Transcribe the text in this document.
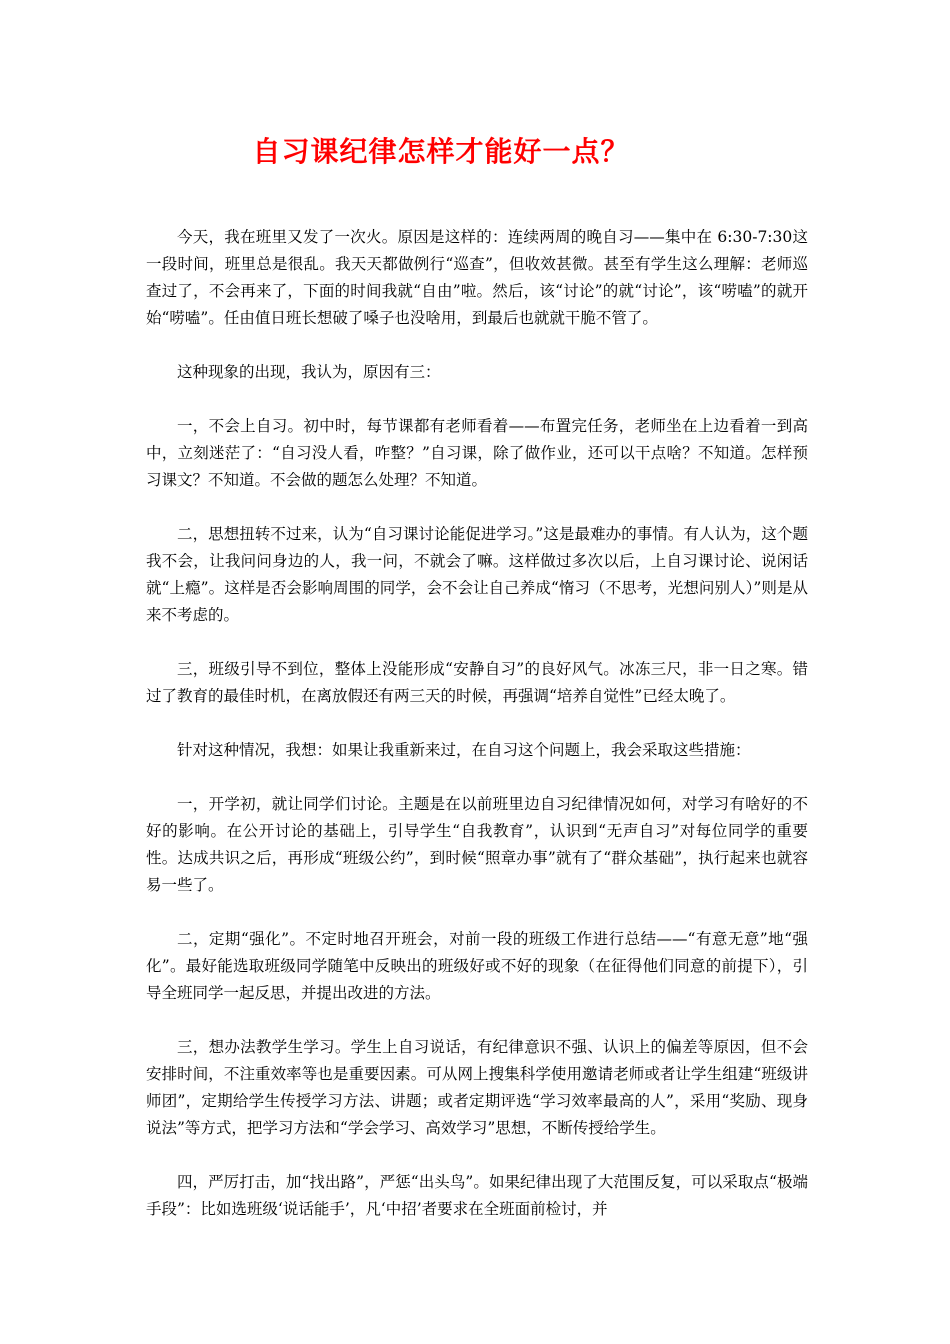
自习课纪律怎样才能好一点？

今天，我在班里又发了一次火。原因是这样的：连续两周的晚自习——集中在 6:30-7:30这一段时间，班里总是很乱。我天天都做例行“巡查”，但收效甚微。甚至有学生这么理解：老师巡查过了，不会再来了，下面的时间我就“自由”啦。然后，该“讨论”的就“讨论”，该“唠嗑”的就开始“唠嗑”。任由值日班长想破了嗓子也没啥用，到最后也就就干脆不管了。

这种现象的出现，我认为，原因有三：

一，不会上自习。初中时，每节课都有老师看着——布置完任务，老师坐在上边看着一到高中，立刻迷茫了：“自习没人看，咋整？”自习课，除了做作业，还可以干点啥？不知道。怎样预习课文？不知道。不会做的题怎么处理？不知道。

二，思想扭转不过来，认为“自习课讨论能促进学习。”这是最难办的事情。有人认为，这个题我不会，让我问问身边的人，我一问，不就会了嘛。这样做过多次以后，上自习课讨论、说闲话就“上瘾”。这样是否会影响周围的同学，会不会让自己养成“惰习（不思考，光想问别人）”则是从来不考虑的。

三，班级引导不到位，整体上没能形成“安静自习”的良好风气。冰冻三尺，非一日之寒。错过了教育的最佳时机，在离放假还有两三天的时候，再强调“培养自觉性”已经太晚了。

针对这种情况，我想：如果让我重新来过，在自习这个问题上，我会采取这些措施：

一，开学初，就让同学们讨论。主题是在以前班里边自习纪律情况如何，对学习有啥好的不好的影响。在公开讨论的基础上，引导学生“自我教育”，认识到“无声自习”对每位同学的重要性。达成共识之后，再形成“班级公约”，到时候“照章办事”就有了“群众基础”，执行起来也就容易一些了。

二，定期“强化”。不定时地召开班会，对前一段的班级工作进行总结——“有意无意”地“强化”。最好能选取班级同学随笔中反映出的班级好或不好的现象（在征得他们同意的前提下），引导全班同学一起反思，并提出改进的方法。

三，想办法教学生学习。学生上自习说话，有纪律意识不强、认识上的偏差等原因，但不会安排时间，不注重效率等也是重要因素。可从网上搜集科学使用邀请老师或者让学生组建“班级讲师团”，定期给学生传授学习方法、讲题；或者定期评选“学习效率最高的人”，采用“奖励、现身说法”等方式，把学习方法和“学会学习、高效学习”思想，不断传授给学生。

四，严厉打击，加“找出路”，严惩“出头鸟”。如果纪律出现了大范围反复，可以采取点“极端手段”：比如选班级‘说话能手’，凡‘中招’者要求在全班面前检讨，并
